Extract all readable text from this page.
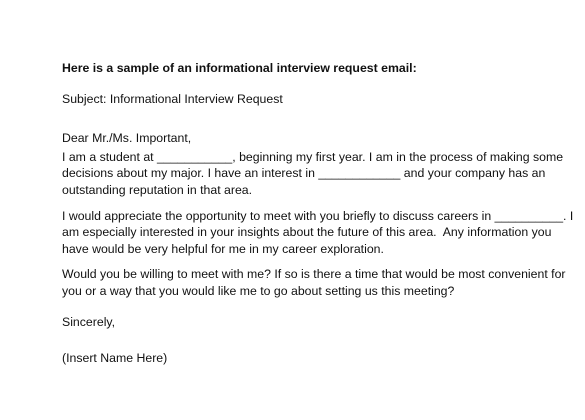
Here is a sample of an informational interview request email:

Subject: Informational Interview Request

Dear Mr./Ms. Important,

I am a student at ___________, beginning my first year. I am in the process of making some
decisions about my major. I have an interest in ____________ and your company has an
outstanding reputation in that area.

I would appreciate the opportunity to meet with you briefly to discuss careers in __________. I
am especially interested in your insights about the future of this area.  Any information you
have would be very helpful for me in my career exploration.

Would you be willing to meet with me? If so is there a time that would be most convenient for
you or a way that you would like me to go about setting us this meeting?

Sincerely,

(Insert Name Here)
